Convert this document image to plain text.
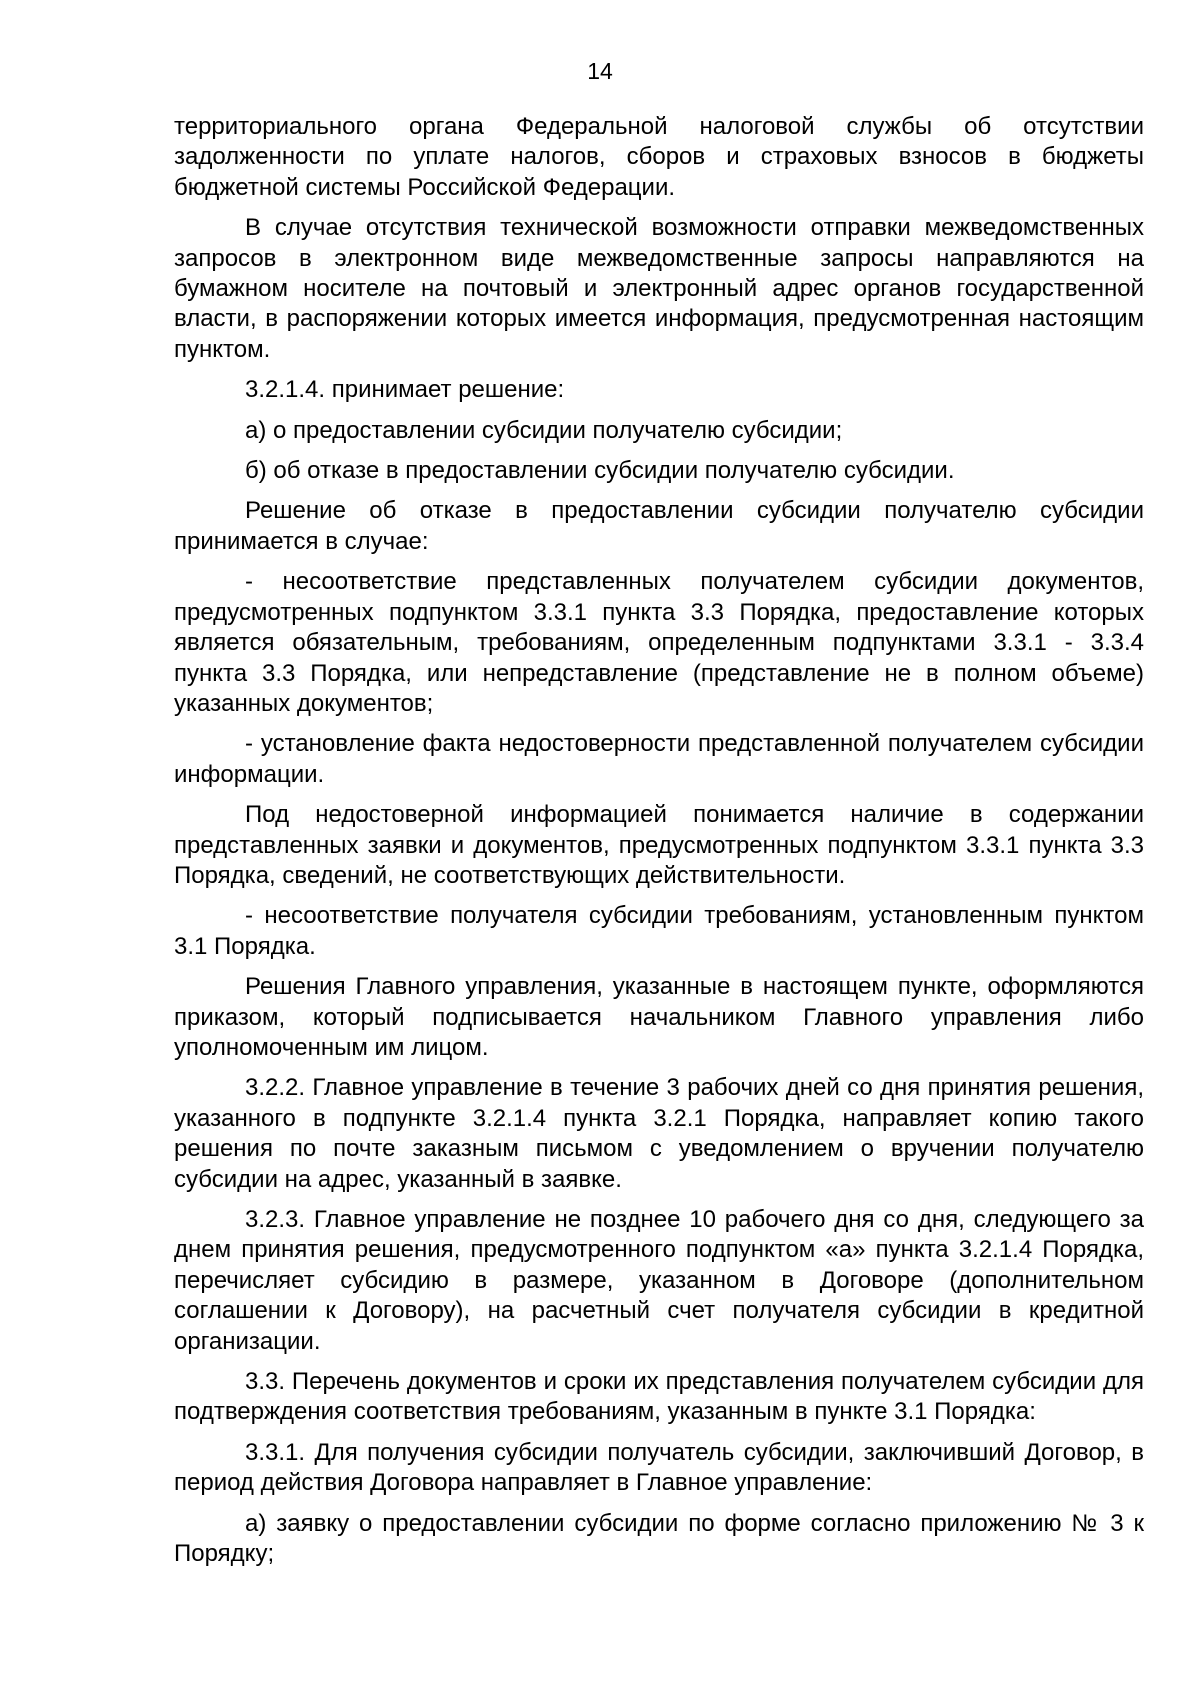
14

территориального органа Федеральной налоговой службы об отсутствии задолженности по уплате налогов, сборов и страховых взносов в бюджеты бюджетной системы Российской Федерации.

В случае отсутствия технической возможности отправки межведомственных запросов в электронном виде межведомственные запросы направляются на бумажном носителе на почтовый и электронный адрес органов государственной власти, в распоряжении которых имеется информация, предусмотренная настоящим пунктом.

3.2.1.4. принимает решение:

а) о предоставлении субсидии получателю субсидии;

б) об отказе в предоставлении субсидии получателю субсидии.

Решение об отказе в предоставлении субсидии получателю субсидии принимается в случае:

- несоответствие представленных получателем субсидии документов, предусмотренных подпунктом 3.3.1 пункта 3.3 Порядка, предоставление которых является обязательным, требованиям, определенным подпунктами 3.3.1 - 3.3.4 пункта 3.3 Порядка, или непредставление (представление не в полном объеме) указанных документов;

- установление факта недостоверности представленной получателем субсидии информации.

Под недостоверной информацией понимается наличие в содержании представленных заявки и документов, предусмотренных подпунктом 3.3.1 пункта 3.3 Порядка, сведений, не соответствующих действительности.

- несоответствие получателя субсидии требованиям, установленным пунктом 3.1 Порядка.

Решения Главного управления, указанные в настоящем пункте, оформляются приказом, который подписывается начальником Главного управления либо уполномоченным им лицом.

3.2.2. Главное управление в течение 3 рабочих дней со дня принятия решения, указанного в подпункте 3.2.1.4 пункта 3.2.1 Порядка, направляет копию такого решения по почте заказным письмом с уведомлением о вручении получателю субсидии на адрес, указанный в заявке.

3.2.3. Главное управление не позднее 10 рабочего дня со дня, следующего за днем принятия решения, предусмотренного подпунктом «а» пункта 3.2.1.4 Порядка, перечисляет субсидию в размере, указанном в Договоре (дополнительном соглашении к Договору), на расчетный счет получателя субсидии в кредитной организации.

3.3. Перечень документов и сроки их представления получателем субсидии для подтверждения соответствия требованиям, указанным в пункте 3.1 Порядка:

3.3.1. Для получения субсидии получатель субсидии, заключивший Договор, в период действия Договора направляет в Главное управление:

а) заявку о предоставлении субсидии по форме согласно приложению № 3 к Порядку;
